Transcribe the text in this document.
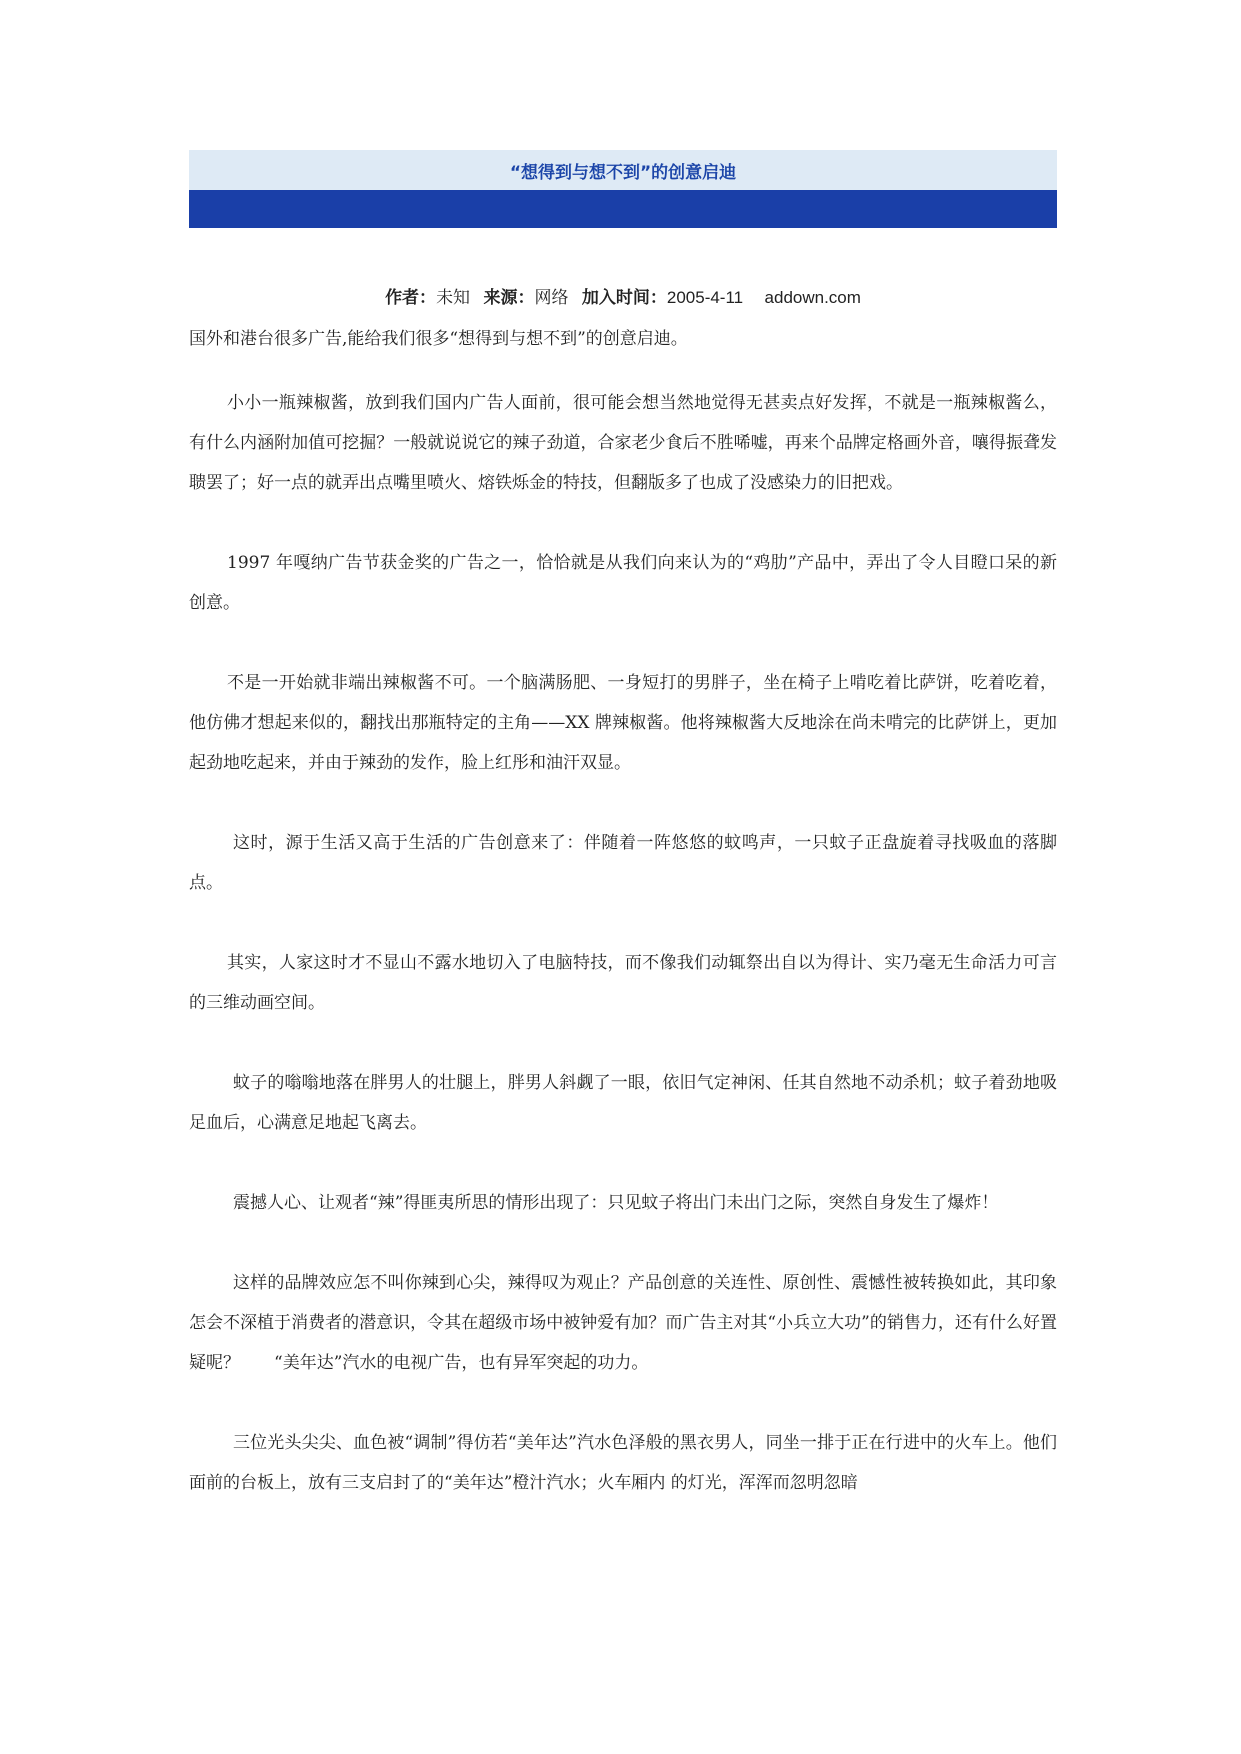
“想得到与想不到”的创意启迪
作者：未知 来源：网络 加入时间：2005-4-11 addown.com

国外和港台很多广告,能给我们很多“想得到与想不到”的创意启迪。

小小一瓶辣椒酱，放到我们国内广告人面前，很可能会想当然地觉得无甚卖点好发挥，不就是一瓶辣椒酱么，有什么内涵附加值可挖掘？一般就说说它的辣子劲道，合家老少食后不胜唏嘘，再来个品牌定格画外音，嚷得振聋发聩罢了；好一点的就弄出点嘴里喷火、熔铁烁金的特技，但翻版多了也成了没感染力的旧把戏。

1997 年嘎纳广告节获金奖的广告之一，恰恰就是从我们向来认为的“鸡肋”产品中，弄出了令人目瞪口呆的新创意。

不是一开始就非端出辣椒酱不可。一个脑满肠肥、一身短打的男胖子，坐在椅子上啃吃着比萨饼，吃着吃着，他仿佛才想起来似的，翻找出那瓶特定的主角——XX 牌辣椒酱。他将辣椒酱大反地涂在尚未啃完的比萨饼上，更加起劲地吃起来，并由于辣劲的发作，脸上红彤和油汗双显。

这时，源于生活又高于生活的广告创意来了：伴随着一阵悠悠的蚊鸣声，一只蚊子正盘旋着寻找吸血的落脚点。

其实，人家这时才不显山不露水地切入了电脑特技，而不像我们动辄祭出自以为得计、实乃毫无生命活力可言的三维动画空间。

蚊子的嗡嗡地落在胖男人的壮腿上，胖男人斜觑了一眼，依旧气定神闲、任其自然地不动杀机；蚊子着劲地吸足血后，心满意足地起飞离去。

震撼人心、让观者“辣”得匪夷所思的情形出现了：只见蚊子将出门未出门之际，突然自身发生了爆炸！

这样的品牌效应怎不叫你辣到心尖，辣得叹为观止？产品创意的关连性、原创性、震憾性被转换如此，其印象怎会不深植于消费者的潜意识，令其在超级市场中被钟爱有加？而广告主对其“小兵立大功”的销售力，还有什么好置疑呢？　　“美年达”汽水的电视广告，也有异军突起的功力。

三位光头尖尖、血色被“调制”得仿若“美年达”汽水色泽般的黑衣男人，同坐一排于正在行进中的火车上。他们面前的台板上，放有三支启封了的“美年达”橙汁汽水；火车厢内 的灯光，浑浑而忽明忽暗
